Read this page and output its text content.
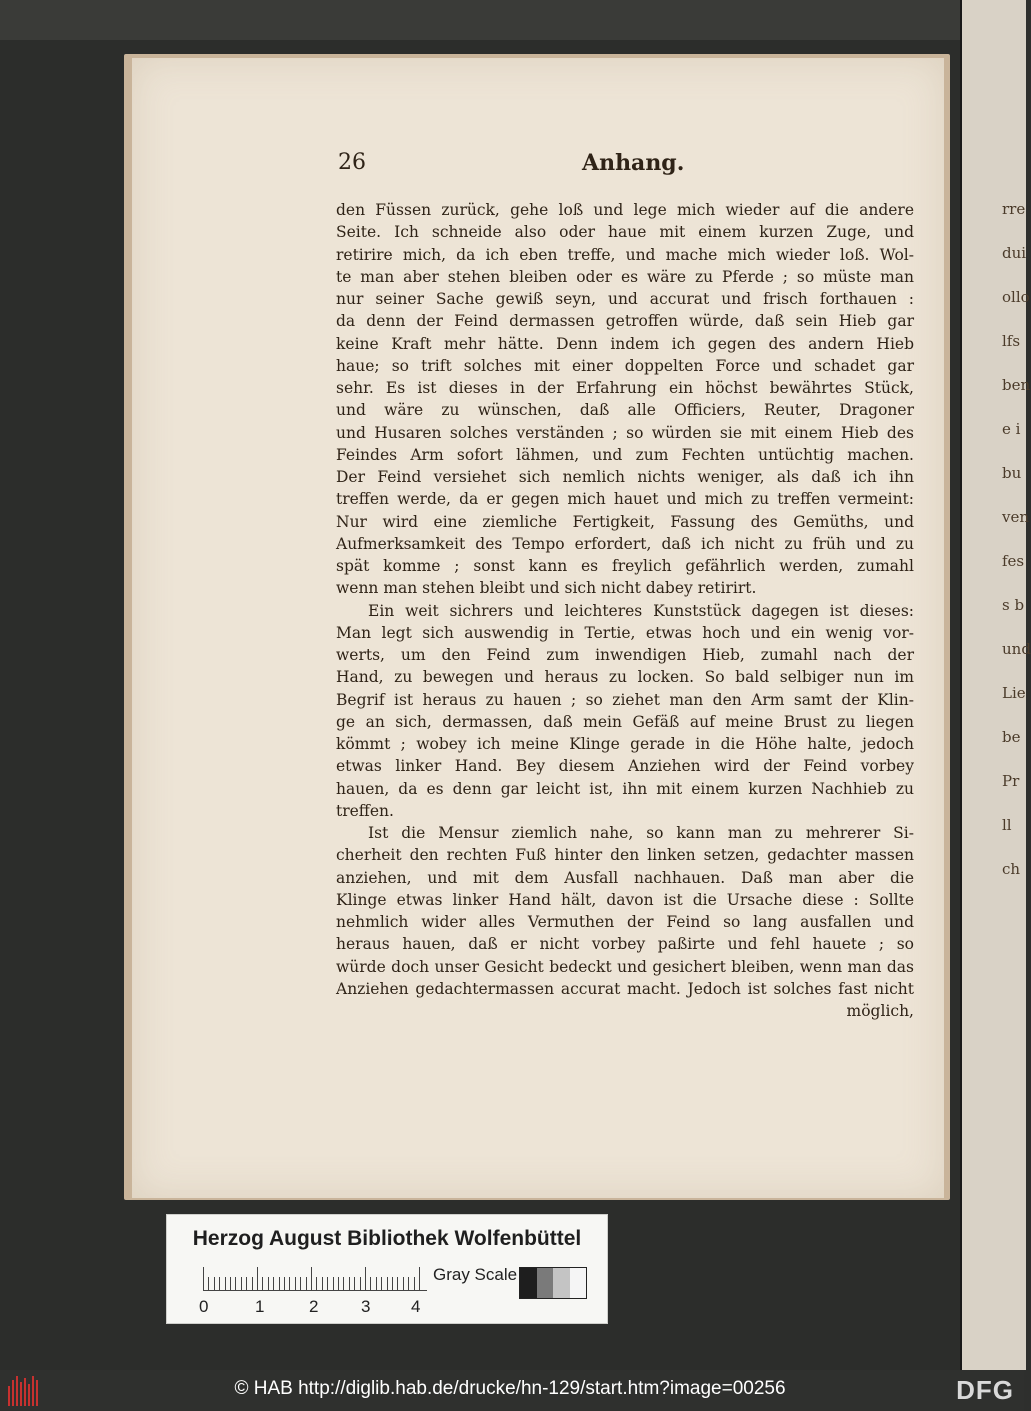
rre
dui
ollo
lfs
ben
e i
bu
ven
fes
s b
und
Lie
be
Pr
ll
ch
26	Anhang.
den Füssen zurück, gehe loß und lege mich wieder auf die andere
Seite. Ich schneide also oder haue mit einem kurzen Zuge, und
retirire mich, da ich eben treffe, und mache mich wieder loß. Wol-
te man aber stehen bleiben oder es wäre zu Pferde ; so müste man
nur seiner Sache gewiß seyn, und accurat und frisch forthauen :
da denn der Feind dermassen getroffen würde, daß sein Hieb gar
keine Kraft mehr hätte. Denn indem ich gegen des andern Hieb
haue; so trift solches mit einer doppelten Force und schadet gar
sehr. Es ist dieses in der Erfahrung ein höchst bewährtes Stück,
und wäre zu wünschen, daß alle Officiers, Reuter, Dragoner
und Husaren solches verständen ; so würden sie mit einem Hieb des
Feindes Arm sofort lähmen, und zum Fechten untüchtig machen.
Der Feind versiehet sich nemlich nichts weniger, als daß ich ihn
treffen werde, da er gegen mich hauet und mich zu treffen vermeint:
Nur wird eine ziemliche Fertigkeit, Fassung des Gemüths, und
Aufmerksamkeit des Tempo erfordert, daß ich nicht zu früh und zu
spät komme ; sonst kann es freylich gefährlich werden, zumahl
wenn man stehen bleibt und sich nicht dabey retirirt.
Ein weit sichrers und leichteres Kunststück dagegen ist dieses:
Man legt sich auswendig in Tertie, etwas hoch und ein wenig vor-
werts, um den Feind zum inwendigen Hieb, zumahl nach der
Hand, zu bewegen und heraus zu locken. So bald selbiger nun im
Begrif ist heraus zu hauen ; so ziehet man den Arm samt der Klin-
ge an sich, dermassen, daß mein Gefäß auf meine Brust zu liegen
kömmt ; wobey ich meine Klinge gerade in die Höhe halte, jedoch
etwas linker Hand. Bey diesem Anziehen wird der Feind vorbey
hauen, da es denn gar leicht ist, ihn mit einem kurzen Nachhieb zu
treffen.
Ist die Mensur ziemlich nahe, so kann man zu mehrerer Si-
cherheit den rechten Fuß hinter den linken setzen, gedachter massen
anziehen, und mit dem Ausfall nachhauen. Daß man aber die
Klinge etwas linker Hand hält, davon ist die Ursache diese : Sollte
nehmlich wider alles Vermuthen der Feind so lang ausfallen und
heraus hauen, daß er nicht vorbey paßirte und fehl hauete ; so
würde doch unser Gesicht bedeckt und gesichert bleiben, wenn man das
Anziehen gedachtermassen accurat macht. Jedoch ist solches fast nicht
möglich,
Herzog August Bibliothek Wolfenbüttel
0	1	2	3 4
Gray Scale
© HAB http://diglib.hab.de/drucke/hn-129/start.htm?image=00256	DFG
